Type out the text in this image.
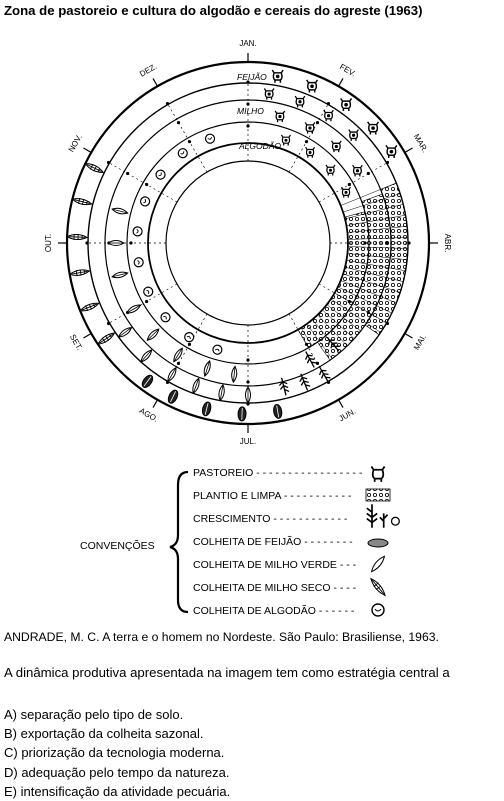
Zona de pastoreio e cultura do algodão e cereais do agreste (1963)
JAN.
FEV.
MAR.
ABR.
MAI.
JUN.
JUL.
AGO.
SET.
OUT.
NOV.
DEZ.	FEIJÃO
MILHO
ALGODÃO
CONVENÇÕES
PASTOREIO - - - - - - - - - - - - - - - - -
PLANTIO E LIMPA - - - - - - - - - - -
CRESCIMENTO - - - - - - - - - - - -
COLHEITA DE FEIJÃO - - - - - - - -
COLHEITA DE MILHO VERDE - - -
COLHEITA DE MILHO SECO - - - -
COLHEITA DE ALGODÃO - - - - - -
ANDRADE, M. C. A terra e o homem no Nordeste. São Paulo: Brasiliense, 1963.
A dinâmica produtiva apresentada na imagem tem como estratégia central a
A) separação pelo tipo de solo.
B) exportação da colheita sazonal.
C) priorização da tecnologia moderna.
D) adequação pelo tempo da natureza.
E) intensificação da atividade pecuária.
